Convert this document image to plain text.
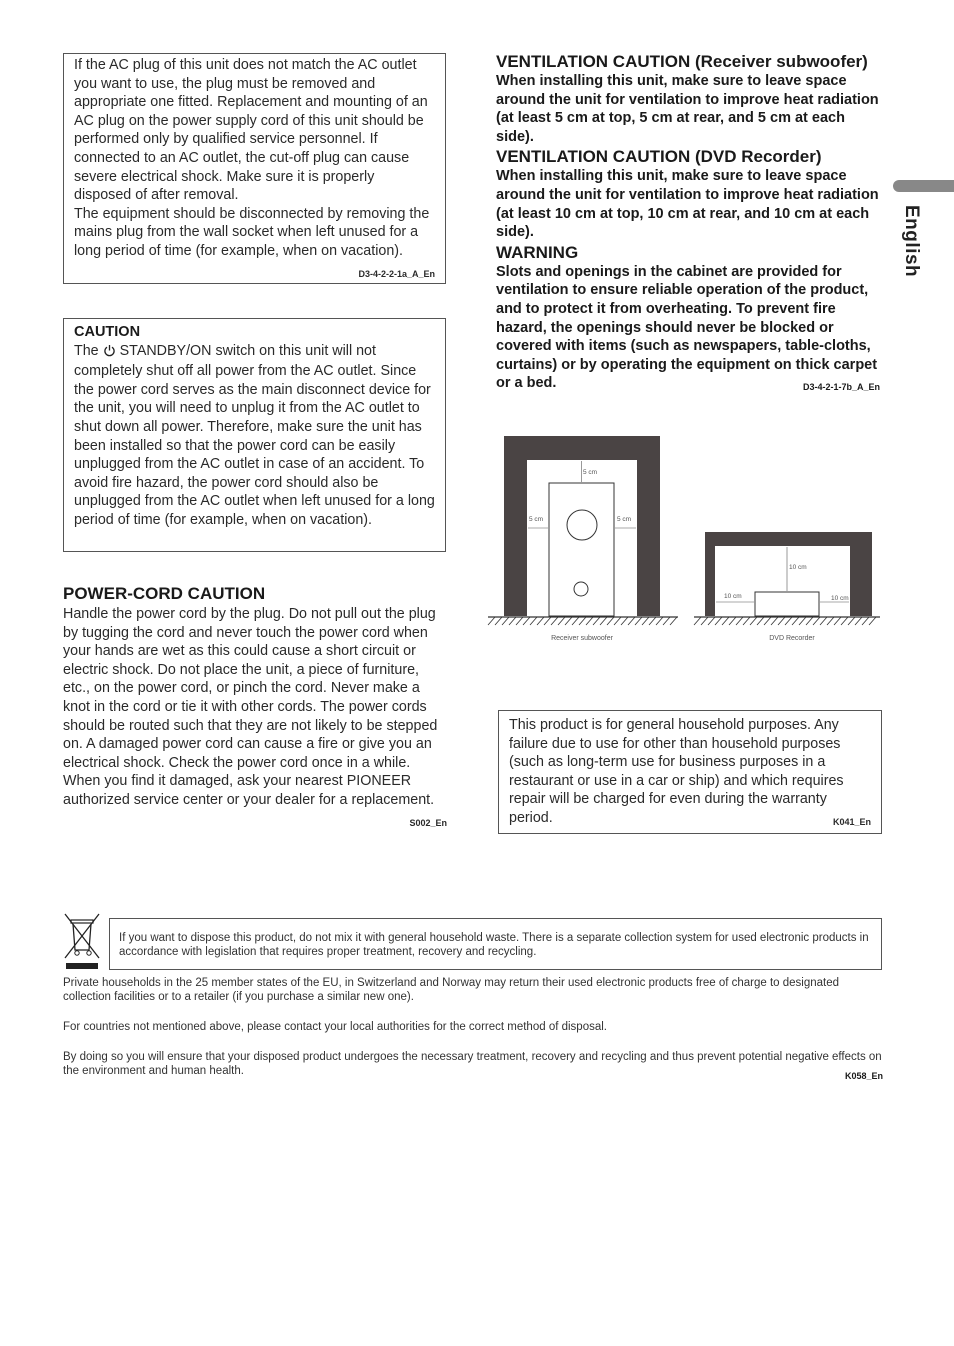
If the AC plug of this unit does not match the AC outlet you want to use, the plug must be removed and appropriate one fitted. Replacement and mounting of an AC plug on the power supply cord of this unit should be performed only by qualified service personnel. If connected to an AC outlet, the cut-off plug can cause severe electrical shock. Make sure it is properly disposed of after removal.

The equipment should be disconnected by removing the mains plug from the wall socket when left unused for a long period of time (for example, when on vacation).
D3-4-2-2-1a_A_En

CAUTION

The STANDBY/ON switch on this unit will not completely shut off all power from the AC outlet. Since the power cord serves as the main disconnect device for the unit, you will need to unplug it from the AC outlet to shut down all power. Therefore, make sure the unit has been installed so that the power cord can be easily unplugged from the AC outlet in case of an accident. To avoid fire hazard, the power cord should also be unplugged from the AC outlet when left unused for a long period of time (for example, when on vacation).

POWER-CORD CAUTION

Handle the power cord by the plug. Do not pull out the plug by tugging the cord and never touch the power cord when your hands are wet as this could cause a short circuit or electric shock. Do not place the unit, a piece of furniture, etc., on the power cord, or pinch the cord. Never make a knot in the cord or tie it with other cords. The power cords should be routed such that they are not likely to be stepped on. A damaged power cord can cause a fire or give you an electrical shock. Check the power cord once in a while. When you find it damaged, ask your nearest PIONEER authorized service center or your dealer for a replacement.
S002_En

VENTILATION CAUTION (Receiver subwoofer)

When installing this unit, make sure to leave space around the unit for ventilation to improve heat radiation (at least 5 cm at top, 5 cm at rear, and 5 cm at each side).

VENTILATION CAUTION (DVD Recorder)

When installing this unit, make sure to leave space around the unit for ventilation to improve heat radiation (at least 10 cm at top, 10 cm at rear, and 10 cm at each side).

WARNING

Slots and openings in the cabinet are provided for ventilation to ensure reliable operation of the product, and to protect it from overheating. To prevent fire hazard, the openings should never be blocked or covered with items (such as newspapers, table-cloths, curtains) or by operating the equipment on thick carpet or a bed.	D3-4-2-1-7b_A_En

English
5 cm
5 cm	5 cm
Receiver subwoofer
10 cm
10 cm	10 cm
DVD Recorder

This product is for general household purposes. Any failure due to use for other than household purposes (such as long-term use for business purposes in a restaurant or use in a car or ship) and which requires repair will be charged for even during the warranty period.	K041_En

If you want to dispose this product, do not mix it with general household waste. There is a separate collection system for used electronic products in accordance with legislation that requires proper treatment, recovery and recycling.

Private households in the 25 member states of the EU, in Switzerland and Norway may return their used electronic products free of charge to designated collection facilities or to a retailer (if you purchase a similar new one).

For countries not mentioned above, please contact your local authorities for the correct method of disposal.

By doing so you will ensure that your disposed product undergoes the necessary treatment, recovery and recycling and thus prevent potential negative effects on the environment and human health.	K058_En
